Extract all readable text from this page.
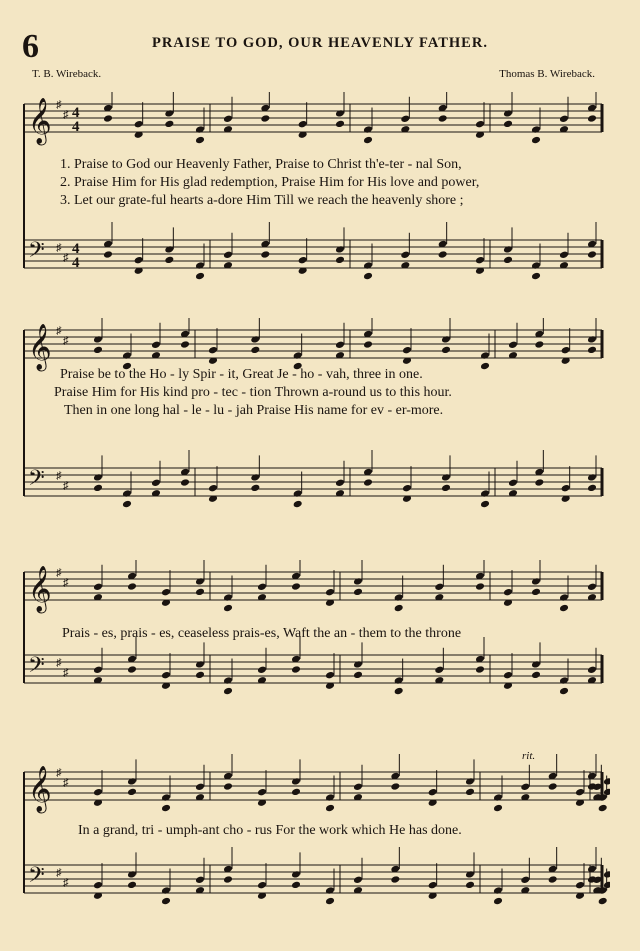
6	PRAISE TO GOD, OUR HEAVENLY FATHER.
T. B. Wireback.	Thomas B. Wireback.
𝄞 ♯
♯ 4
4
𝄢 ♯
♯
4
4
1. Praise to God our Heavenly Father, Praise to Christ th'e-ter - nal Son,
2. Praise Him for His glad redemption, Praise Him for His love and power,
3. Let our grate-ful hearts a-dore Him Till we reach the heavenly shore ;
𝄞 ♯
♯
𝄢 ♯
♯
Praise be to the Ho - ly Spir - it, Great Je - ho - vah, three in one.
Praise Him for His kind pro - tec - tion Thrown a-round us to this hour.
Then in one long hal - le - lu - jah Praise His name for ev - er-more.
𝄞 ♯
♯
𝄢 ♯
♯
Prais - es, prais - es, ceaseless prais-es, Waft the an - them to the throne
𝄞 ♯
♯
𝄢 ♯
♯
rit.
In a grand, tri - umph-ant cho - rus For the work which He has done.
